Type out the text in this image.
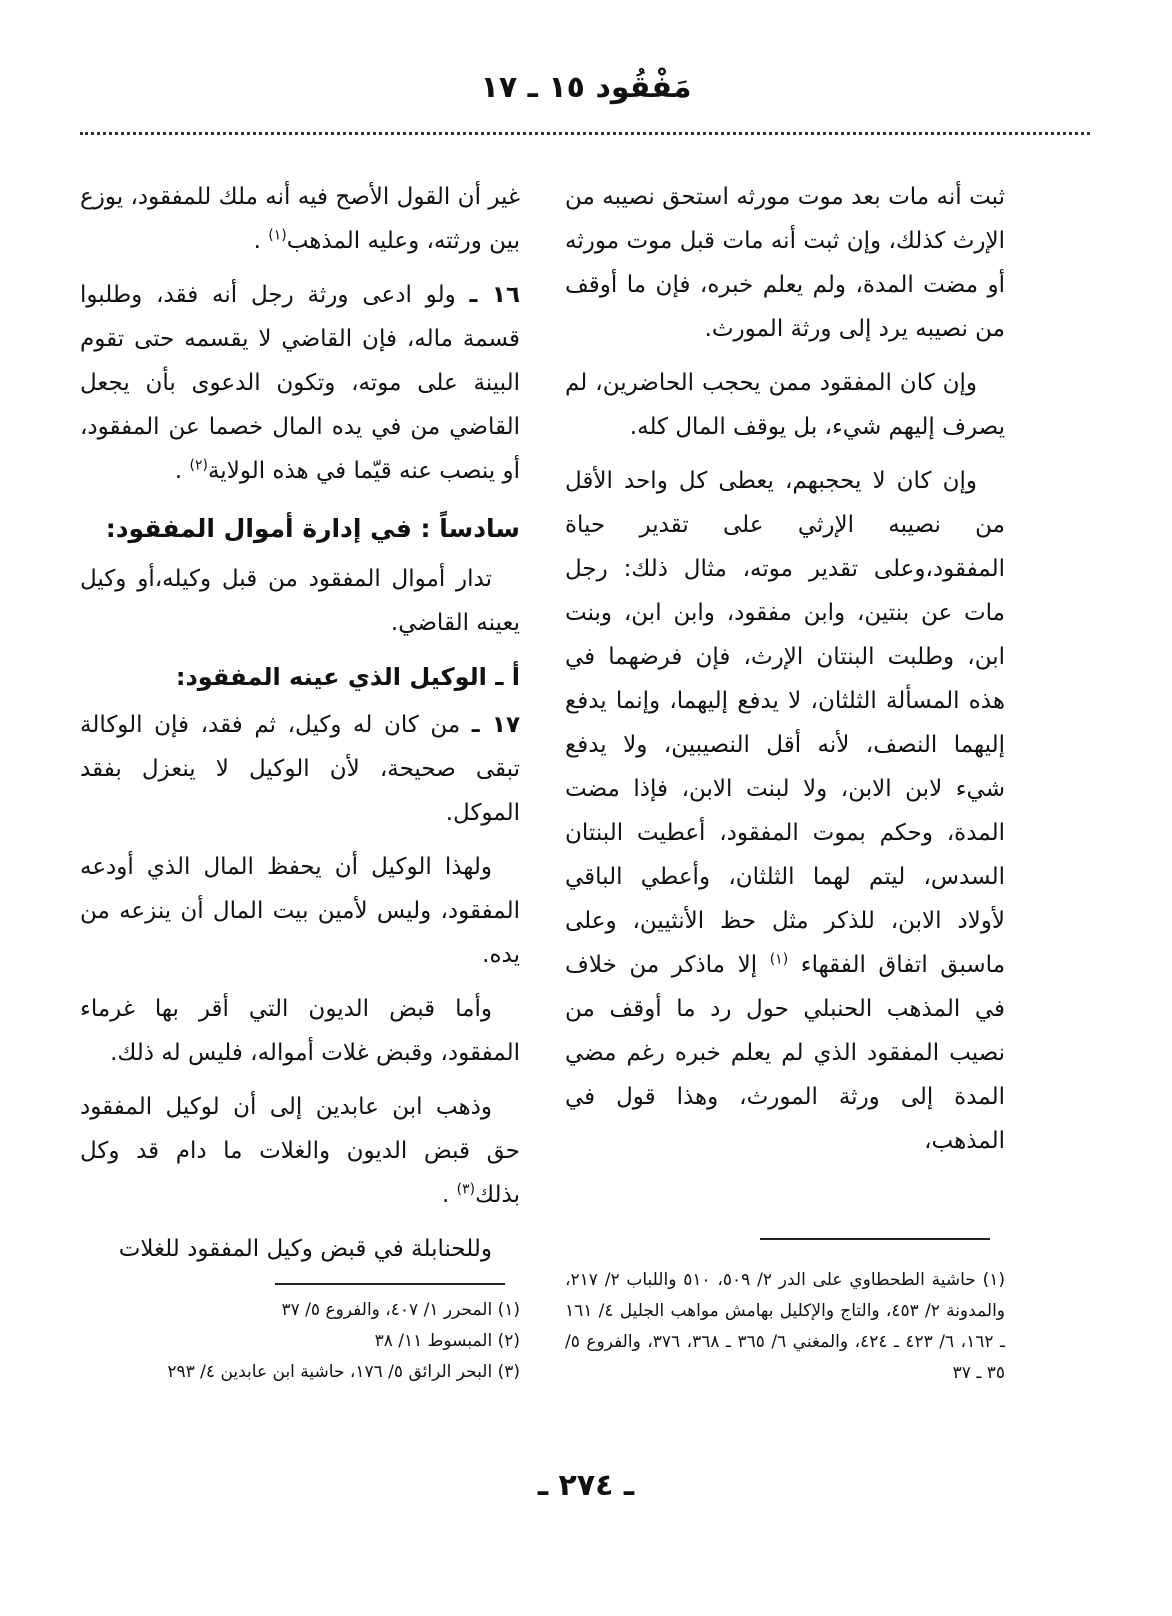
مَفْقُود ١٥ ـ ١٧

ثبت أنه مات بعد موت مورثه استحق نصيبه من الإرث كذلك، وإن ثبت أنه مات قبل موت مورثه أو مضت المدة، ولم يعلم خبره، فإن ما أوقف من نصيبه يرد إلى ورثة المورث.

وإن كان المفقود ممن يحجب الحاضرين، لم يصرف إليهم شيء، بل يوقف المال كله.

وإن كان لا يحجبهم، يعطى كل واحد الأقل من نصيبه الإرثي على تقدير حياة المفقود،وعلى تقدير موته، مثال ذلك: رجل مات عن بنتين، وابن مفقود، وابن ابن، وبنت ابن، وطلبت البنتان الإرث، فإن فرضهما في هذه المسألة الثلثان، لا يدفع إليهما، وإنما يدفع إليهما النصف، لأنه أقل النصيبين، ولا يدفع شيء لابن الابن، ولا لبنت الابن، فإذا مضت المدة، وحكم بموت المفقود، أعطيت البنتان السدس، ليتم لهما الثلثان، وأعطي الباقي لأولاد الابن، للذكر مثل حظ الأنثيين، وعلى ماسبق اتفاق الفقهاء $^{(١)}$ إلا ماذكر من خلاف في المذهب الحنبلي حول رد ما أوقف من نصيب المفقود الذي لم يعلم خبره رغم مضي المدة إلى ورثة المورث، وهذا قول في المذهب،

غير أن القول الأصح فيه أنه ملك للمفقود، يوزع بين ورثته، وعليه المذهب$^{(١)}$ .

١٦ ـ ولو ادعى ورثة رجل أنه فقد، وطلبوا قسمة ماله، فإن القاضي لا يقسمه حتى تقوم البينة على موته، وتكون الدعوى بأن يجعل القاضي من في يده المال خصما عن المفقود، أو ينصب عنه قيّما في هذه الولاية$^{(٢)}$ .

سادساً : في إدارة أموال المفقود:

تدار أموال المفقود من قبل وكيله،أو وكيل يعينه القاضي.

أ ـ الوكيل الذي عينه المفقود:

١٧ ـ من كان له وكيل، ثم فقد، فإن الوكالة تبقى صحيحة، لأن الوكيل لا ينعزل بفقد الموكل.

ولهذا الوكيل أن يحفظ المال الذي أودعه المفقود، وليس لأمين بيت المال أن ينزعه من يده.

وأما قبض الديون التي أقر بها غرماء المفقود، وقبض غلات أمواله، فليس له ذلك.

وذهب ابن عابدين إلى أن لوكيل المفقود حق قبض الديون والغلات ما دام قد وكل بذلك$^{(٣)}$ .

وللحنابلة في قبض وكيل المفقود للغلات

(١) حاشية الطحطاوي على الدر ٢/ ٥٠٩، ٥١٠ واللباب ٢/ ٢١٧، والمدونة ٢/ ٤٥٣، والتاج والإكليل بهامش مواهب الجليل ٤/ ١٦١ ـ ١٦٢، ٦/ ٤٢٣ ـ ٤٢٤، والمغني ٦/ ٣٦٥ ـ ٣٦٨، ٣٧٦، والفروع ٥/ ٣٥ ـ ٣٧

(١) المحرر ١/ ٤٠٧، والفروع ٥/ ٣٧

(٢) المبسوط ١١/ ٣٨

(٣) البحر الرائق ٥/ ١٧٦، حاشية ابن عابدين ٤/ ٢٩٣

ـ ٢٧٤ ـ
